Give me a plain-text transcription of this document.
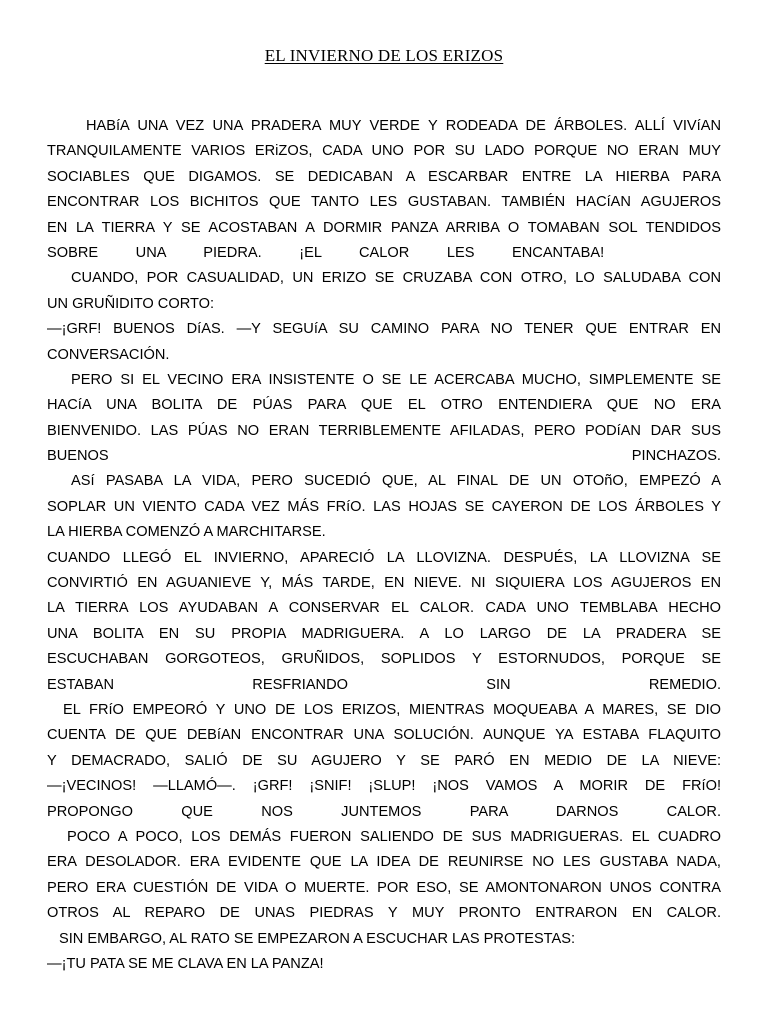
EL INVIERNO DE LOS ERIZOS
HABíA UNA VEZ UNA PRADERA MUY VERDE Y RODEADA DE ÁRBOLES. ALLÍ VIVíAN
TRANQUILAMENTE VARIOS ERiZOS, CADA UNO POR SU LADO PORQUE NO ERAN MUY
SOCIABLES QUE DIGAMOS. SE DEDICABAN A ESCARBAR ENTRE LA HIERBA PARA
ENCONTRAR LOS BICHITOS QUE TANTO LES GUSTABAN. TAMBIÉN HACíAN AGUJEROS
EN LA TIERRA Y SE ACOSTABAN A DORMIR PANZA ARRIBA O TOMABAN SOL TENDIDOS
SOBRE UNA PIEDRA. ¡EL CALOR LES ENCANTABA!
CUANDO, POR CASUALIDAD, UN ERIZO SE CRUZABA CON OTRO, LO SALUDABA CON
UN GRUÑIDITO CORTO:
—¡GRF! BUENOS DíAS. —Y SEGUíA SU CAMINO PARA NO TENER QUE ENTRAR EN
CONVERSACIÓN.
PERO SI EL VECINO ERA INSISTENTE O SE LE ACERCABA MUCHO, SIMPLEMENTE SE
HACíA UNA BOLITA DE PÚAS PARA QUE EL OTRO ENTENDIERA QUE NO ERA
BIENVENIDO. LAS PÚAS NO ERAN TERRIBLEMENTE AFILADAS, PERO PODíAN DAR SUS
BUENOS PINCHAZOS.
ASí PASABA LA VIDA, PERO SUCEDIÓ QUE, AL FINAL DE UN OTOñO, EMPEZÓ A
SOPLAR UN VIENTO CADA VEZ MÁS FRíO. LAS HOJAS SE CAYERON DE LOS ÁRBOLES Y
LA HIERBA COMENZÓ A MARCHITARSE.
CUANDO LLEGÓ EL INVIERNO, APARECIÓ LA LLOVIZNA. DESPUÉS, LA LLOVIZNA SE
CONVIRTIÓ EN AGUANIEVE Y, MÁS TARDE, EN NIEVE. NI SIQUIERA LOS AGUJEROS EN
LA TIERRA LOS AYUDABAN A CONSERVAR EL CALOR. CADA UNO TEMBLABA HECHO
UNA BOLITA EN SU PROPIA MADRIGUERA. A LO LARGO DE LA PRADERA SE
ESCUCHABAN GORGOTEOS, GRUÑIDOS, SOPLIDOS Y ESTORNUDOS, PORQUE SE
ESTABAN RESFRIANDO SIN REMEDIO.
EL FRíO EMPEORÓ Y UNO DE LOS ERIZOS, MIENTRAS MOQUEABA A MARES, SE DIO
CUENTA DE QUE DEBíAN ENCONTRAR UNA SOLUCIÓN. AUNQUE YA ESTABA FLAQUITO
Y DEMACRADO, SALIÓ DE SU AGUJERO Y SE PARÓ EN MEDIO DE LA NIEVE:
—¡VECINOS! —LLAMÓ—. ¡GRF! ¡SNIF! ¡SLUP! ¡NOS VAMOS A MORIR DE FRíO!
PROPONGO QUE NOS JUNTEMOS PARA DARNOS CALOR.
POCO A POCO, LOS DEMÁS FUERON SALIENDO DE SUS MADRIGUERAS. EL CUADRO
ERA DESOLADOR. ERA EVIDENTE QUE LA IDEA DE REUNIRSE NO LES GUSTABA NADA,
PERO ERA CUESTIÓN DE VIDA O MUERTE. POR ESO, SE AMONTONARON UNOS CONTRA
OTROS AL REPARO DE UNAS PIEDRAS Y MUY PRONTO ENTRARON EN CALOR.
SIN EMBARGO, AL RATO SE EMPEZARON A ESCUCHAR LAS PROTESTAS:
—¡TU PATA SE ME CLAVA EN LA PANZA!
